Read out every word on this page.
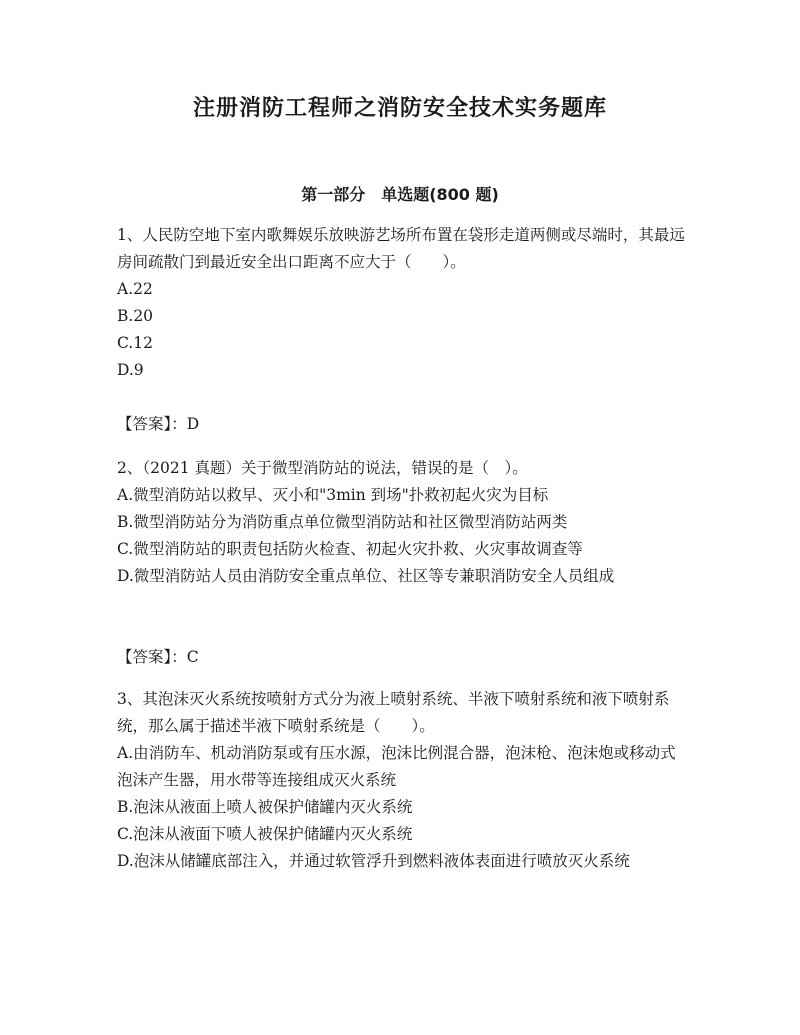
注册消防工程师之消防安全技术实务题库
第一部分　单选题(800 题)

1、人民防空地下室内歌舞娱乐放映游艺场所布置在袋形走道两侧或尽端时，其最远房间疏散门到最近安全出口距离不应大于（　　）。

A.22

B.20

C.12

D.9

【答案】：D

2、（2021 真题）关于微型消防站的说法，错误的是（　）。

A.微型消防站以救早、灭小和"3min 到场"扑救初起火灾为目标

B.微型消防站分为消防重点单位微型消防站和社区微型消防站两类

C.微型消防站的职责包括防火检查、初起火灾扑救、火灾事故调查等

D.微型消防站人员由消防安全重点单位、社区等专兼职消防安全人员组成

【答案】：C

3、其泡沫灭火系统按喷射方式分为液上喷射系统、半液下喷射系统和液下喷射系统，那么属于描述半液下喷射系统是（　　）。

A.由消防车、机动消防泵或有压水源，泡沫比例混合器，泡沫枪、泡沫炮或移动式泡沫产生器，用水带等连接组成灭火系统

B.泡沫从液面上喷人被保护储罐内灭火系统

C.泡沫从液面下喷人被保护储罐内灭火系统

D.泡沫从储罐底部注入，并通过软管浮升到燃料液体表面进行喷放灭火系统
